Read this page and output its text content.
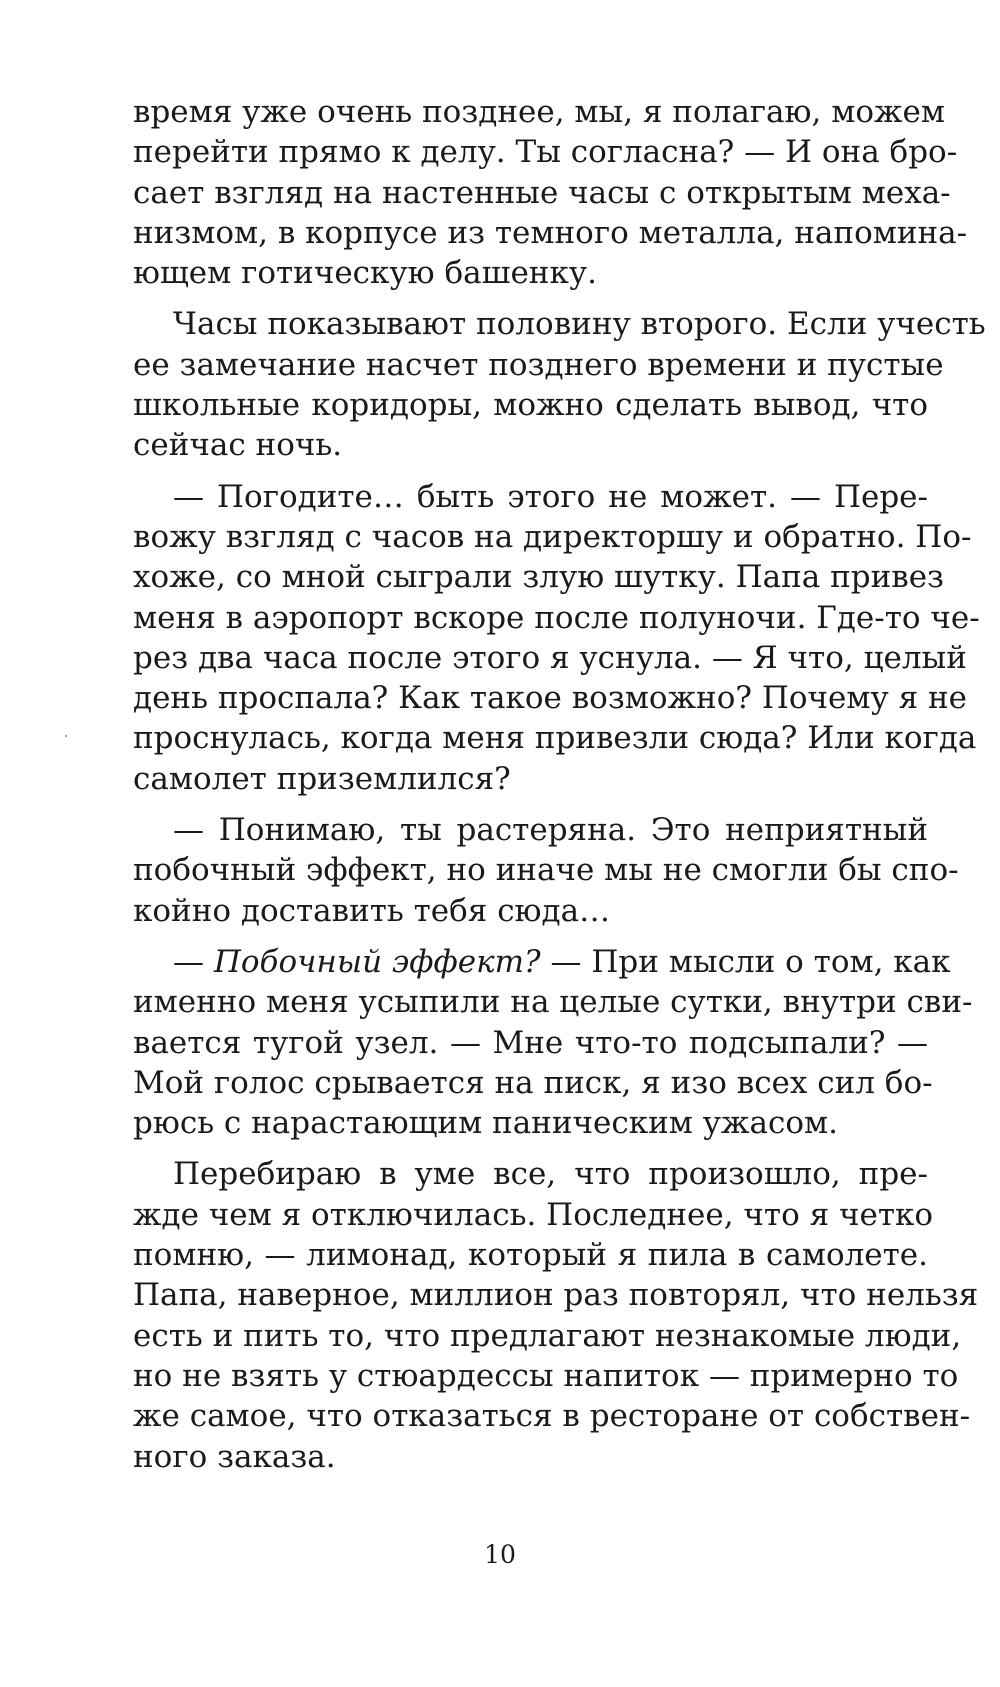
время уже очень позднее, мы, я полагаю, можем
перейти прямо к делу. Ты согласна? — И она бро-
сает взгляд на настенные часы с открытым меха-
низмом, в корпусе из темного металла, напомина-
ющем готическую башенку.
Часы показывают половину второго. Если учесть
ее замечание насчет позднего времени и пустые
школьные коридоры, можно сделать вывод, что
сейчас ночь.
— Погодите… быть этого не может. — Пере-
вожу взгляд с часов на директоршу и обратно. По-
хоже, со мной сыграли злую шутку. Папа привез
меня в аэропорт вскоре после полуночи. Где-то че-
рез два часа после этого я уснула. — Я что, целый
день проспала? Как такое возможно? Почему я не
проснулась, когда меня привезли сюда? Или когда
самолет приземлился?
— Понимаю, ты растеряна. Это неприятный
побочный эффект, но иначе мы не смогли бы спо-
койно доставить тебя сюда…
— Побочный эффект? — При мысли о том, как
именно меня усыпили на целые сутки, внутри сви-
вается тугой узел. — Мне что-то подсыпали? —
Мой голос срывается на писк, я изо всех сил бо-
рюсь с нарастающим паническим ужасом.
Перебираю в уме все, что произошло, пре-
жде чем я отключилась. Последнее, что я четко
помню, — лимонад, который я пила в самолете.
Папа, наверное, миллион раз повторял, что нельзя
есть и пить то, что предлагают незнакомые люди,
но не взять у стюардессы напиток — примерно то
же самое, что отказаться в ресторане от собствен-
ного заказа.
10
